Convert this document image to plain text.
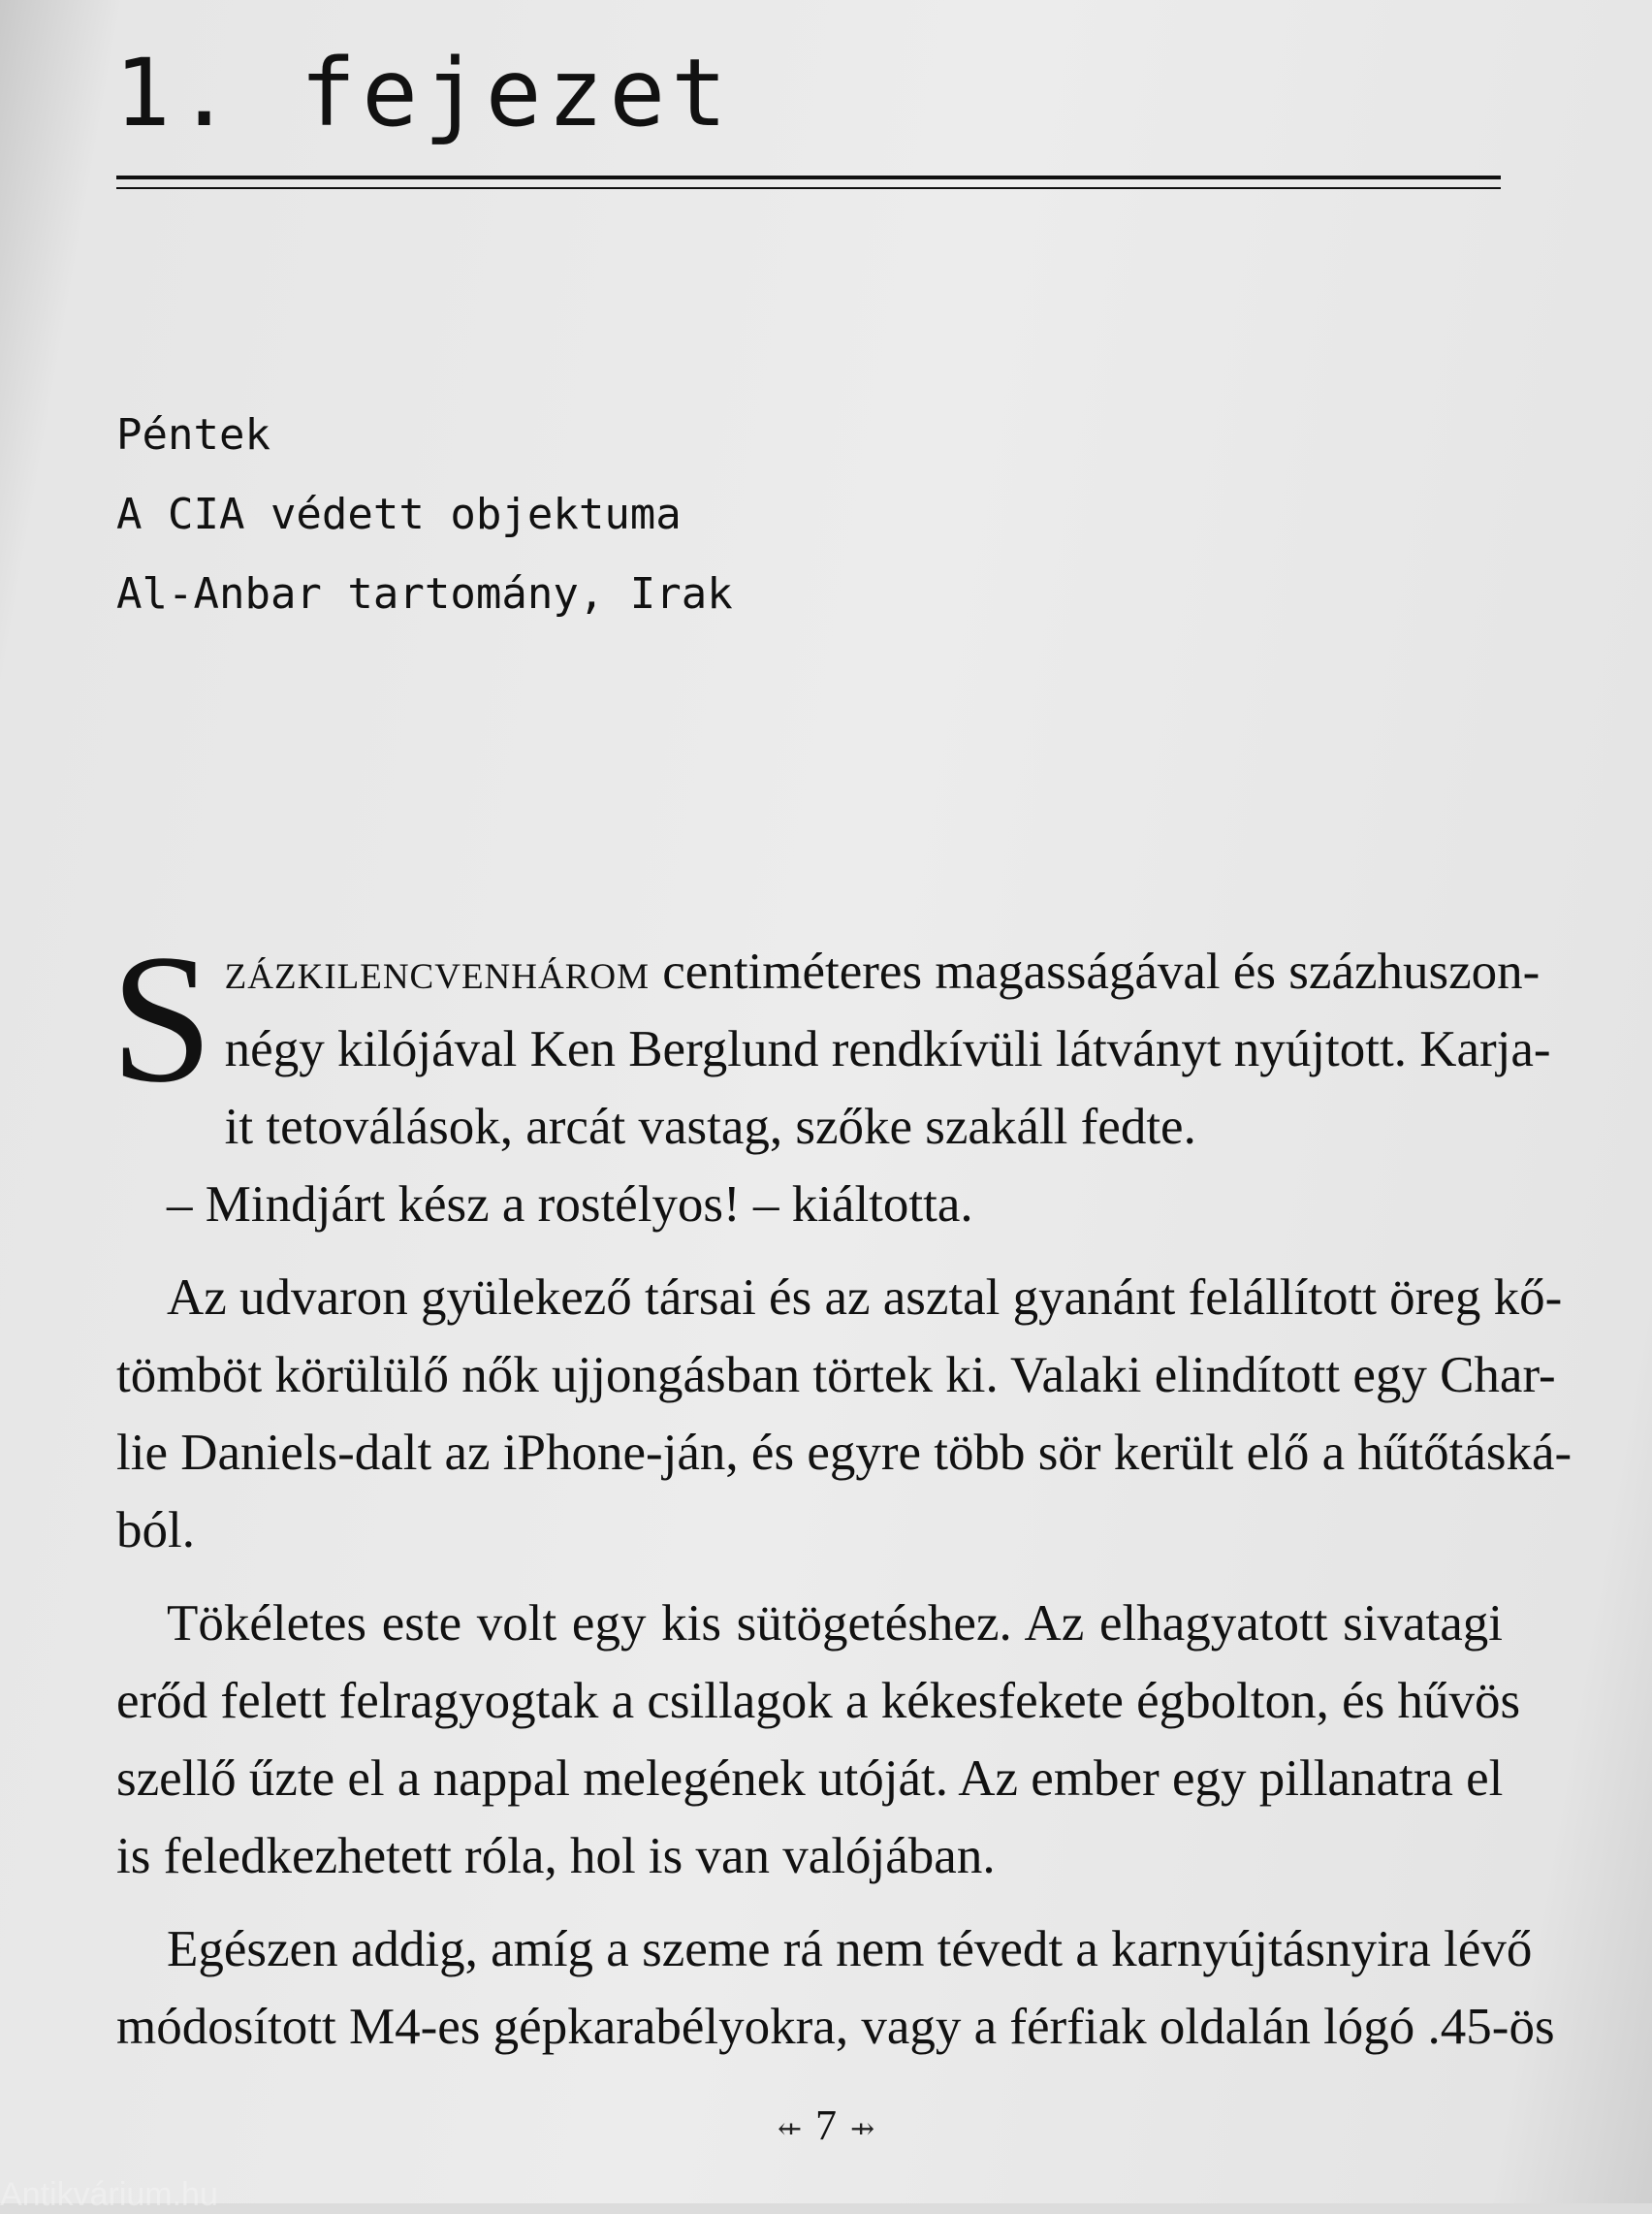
1. fejezet
Péntek
A CIA védett objektuma
Al-Anbar tartomány, Irak
S zázkilencvenhárom centiméteres magasságával és százhuszon-
négy kilójával Ken Berglund rendkívüli látványt nyújtott. Karja-
it tetoválások, arcát vastag, szőke szakáll fedte.
– Mindjárt kész a rostélyos! – kiáltotta.
Az udvaron gyülekező társai és az asztal gyanánt felállított öreg kő-
tömböt körülülő nők ujjongásban törtek ki. Valaki elindított egy Char-
lie Daniels-dalt az iPhone-ján, és egyre több sör került elő a hűtőtáská-
ból.
Tökéletes este volt egy kis sütögetéshez. Az elhagyatott sivatagi
erőd felett felragyogtak a csillagok a kékesfekete égbolton, és hűvös
szellő űzte el a nappal melegének utóját. Az ember egy pillanatra el
is feledkezhetett róla, hol is van valójában.
Egészen addig, amíg a szeme rá nem tévedt a karnyújtásnyira lévő
módosított M4-es gépkarabélyokra, vagy a férfiak oldalán lógó .45-ös
⇷ 7 ⇸
Antikvárium.hu
